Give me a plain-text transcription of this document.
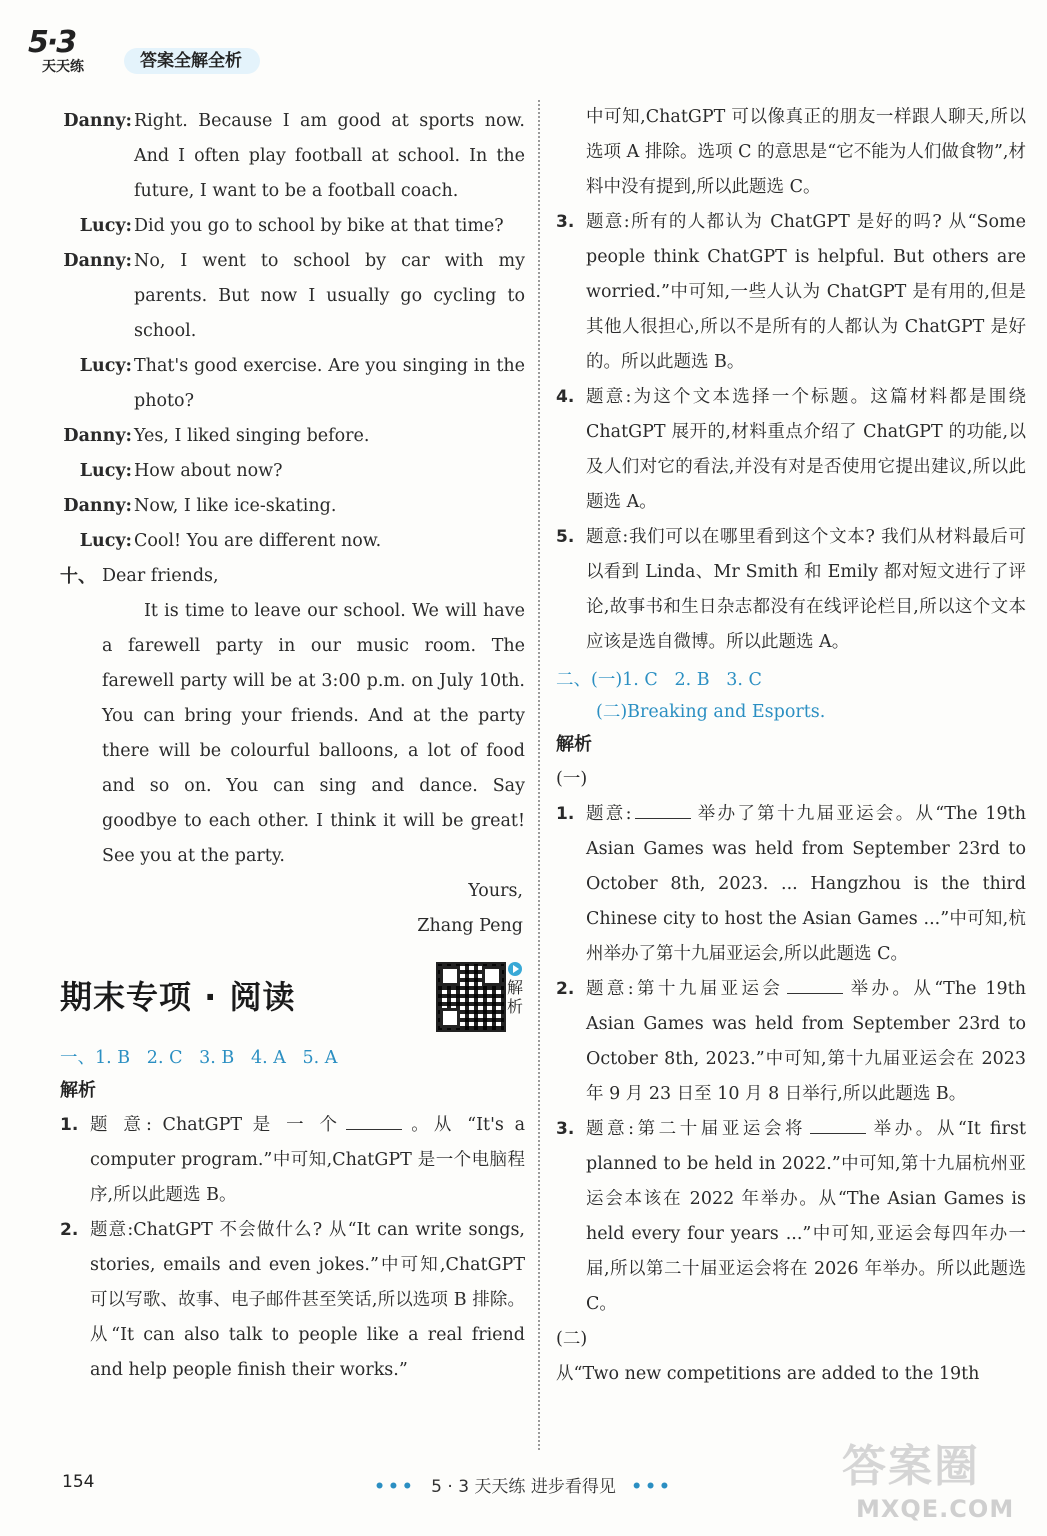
5·3
天天练	答案全解全析
Danny: Right. Because I am good at sports now. And I often play football at school. In the future, I want to be a football coach.
Lucy: Did you go to school by bike at that time?
Danny: No, I went to school by car with my parents. But now I usually go cycling to school.
Lucy: That's good exercise. Are you singing in the photo?
Danny: Yes, I liked singing before.
Lucy: How about now?
Danny: Now, I like ice-skating.
Lucy: Cool! You are different now.
十、 Dear friends,

It is time to leave our school. We will have a farewell party in our music room. The farewell party will be at 3:00 p.m. on July 10th. You can bring your friends. And at the party there will be colourful balloons, a lot of food and so on. You can sing and dance. Say goodbye to each other. I think it will be great! See you at the party.

Yours,
Zhang Peng
期末专项 · 阅读	解
析
一、1. B   2. C   3. B   4. A   5. A
解析
1. 题 意: ChatGPT 是 一 个	。从 “It's a computer program.”中可知,ChatGPT 是一个电脑程序,所以此题选 B。
2. 题意:ChatGPT 不会做什么? 从“It can write songs, stories, emails and even jokes.”中可知,ChatGPT 可以写歌、故事、电子邮件甚至笑话,所以选项 B 排除。从“It can also talk to people like a real friend and help people finish their works.”
中可知,ChatGPT 可以像真正的朋友一样跟人聊天,所以选项 A 排除。选项 C 的意思是“它不能为人们做食物”,材料中没有提到,所以此题选 C。
3. 题意:所有的人都认为 ChatGPT 是好的吗? 从“Some people think ChatGPT is helpful. But others are worried.”中可知,一些人认为 ChatGPT 是有用的,但是其他人很担心,所以不是所有的人都认为 ChatGPT 是好的。所以此题选 B。
4. 题意:为这个文本选择一个标题。这篇材料都是围绕 ChatGPT 展开的,材料重点介绍了 ChatGPT 的功能,以及人们对它的看法,并没有对是否使用它提出建议,所以此题选 A。
5. 题意:我们可以在哪里看到这个文本? 我们从材料最后可以看到 Linda、Mr Smith 和 Emily 都对短文进行了评论,故事书和生日杂志都没有在线评论栏目,所以这个文本应该是选自微博。所以此题选 A。
二、(一)1. C   2. B   3. C
(二)Breaking and Esports.
解析
(一)
1. 题意:	举办了第十九届亚运会。从“The 19th Asian Games was held from September 23rd to October 8th, 2023. ... Hangzhou is the third Chinese city to host the Asian Games ...”中可知,杭州举办了第十九届亚运会,所以此题选 C。
2. 题意:第十九届亚运会	举办。从“The 19th Asian Games was held from September 23rd to October 8th, 2023.”中可知,第十九届亚运会在 2023 年 9 月 23 日至 10 月 8 日举行,所以此题选 B。
3. 题意:第二十届亚运会将	举办。从“It first planned to be held in 2022.”中可知,第十九届杭州亚运会本该在 2022 年举办。从“The Asian Games is held every four years ...”中可知,亚运会每四年办一届,所以第二十届亚运会将在 2026 年举办。所以此题选 C。
(二)
从“Two new competitions are added to the 19th
154	••• 5 · 3 天天练 进步看得见 •••	答案圈
MXQE.COM
